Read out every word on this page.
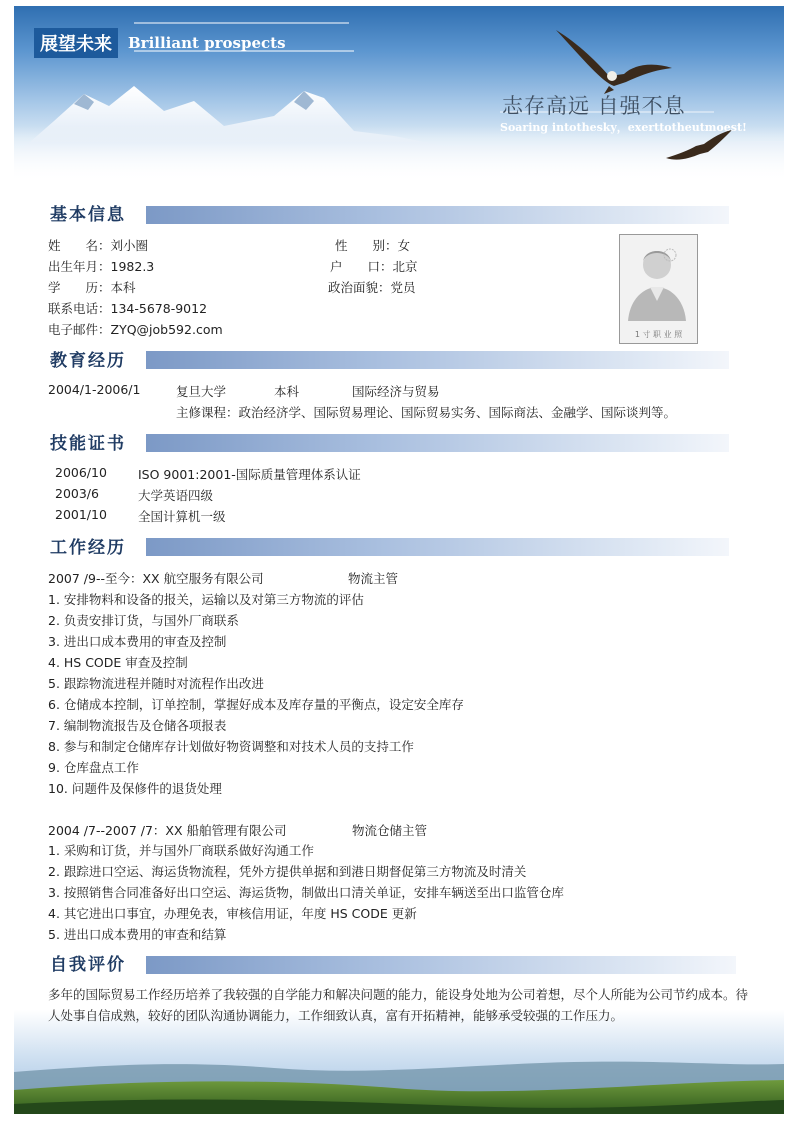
展望未来	Brilliant prospects
志存高远 自强不息
Soaring intothesky，exerttotheutmoest!
基本信息
姓　　名：刘小圈	性　　别：女
出生年月：1982.3	户　　口：北京
学　　历：本科	政治面貌：党员
联系电话：134-5678-9012
电子邮件：ZYQ@job592.com	1 寸 职 业 照
教育经历
2004/1-2006/1	复旦大学	本科	国际经济与贸易
主修课程：政治经济学、国际贸易理论、国际贸易实务、国际商法、金融学、国际谈判等。
技能证书
2006/10 ISO 9001:2001-国际质量管理体系认证
2003/6	大学英语四级
2001/10 全国计算机一级
工作经历
2007 /9--至今：XX 航空服务有限公司	物流主管
1. 安排物料和设备的报关，运输以及对第三方物流的评估
2. 负责安排订货，与国外厂商联系
3. 进出口成本费用的审查及控制
4. HS CODE 审查及控制
5. 跟踪物流进程并随时对流程作出改进
6. 仓储成本控制，订单控制，掌握好成本及库存量的平衡点，设定安全库存
7. 编制物流报告及仓储各项报表
8. 参与和制定仓储库存计划做好物资调整和对技术人员的支持工作
9. 仓库盘点工作
10. 问题件及保修件的退货处理
2004 /7--2007 /7：XX 船舶管理有限公司	物流仓储主管
1. 采购和订货，并与国外厂商联系做好沟通工作
2. 跟踪进口空运、海运货物流程，凭外方提供单据和到港日期督促第三方物流及时清关
3. 按照销售合同准备好出口空运、海运货物，制做出口清关单证，安排车辆送至出口监管仓库
4. 其它进出口事宜，办理免表，审核信用证，年度 HS CODE 更新
5. 进出口成本费用的审查和结算
自我评价
多年的国际贸易工作经历培养了我较强的自学能力和解决问题的能力，能设身处地为公司着想，尽个人所能为公司节约成本。待人处事自信成熟，较好的团队沟通协调能力，工作细致认真，富有开拓精神，能够承受较强的工作压力。
